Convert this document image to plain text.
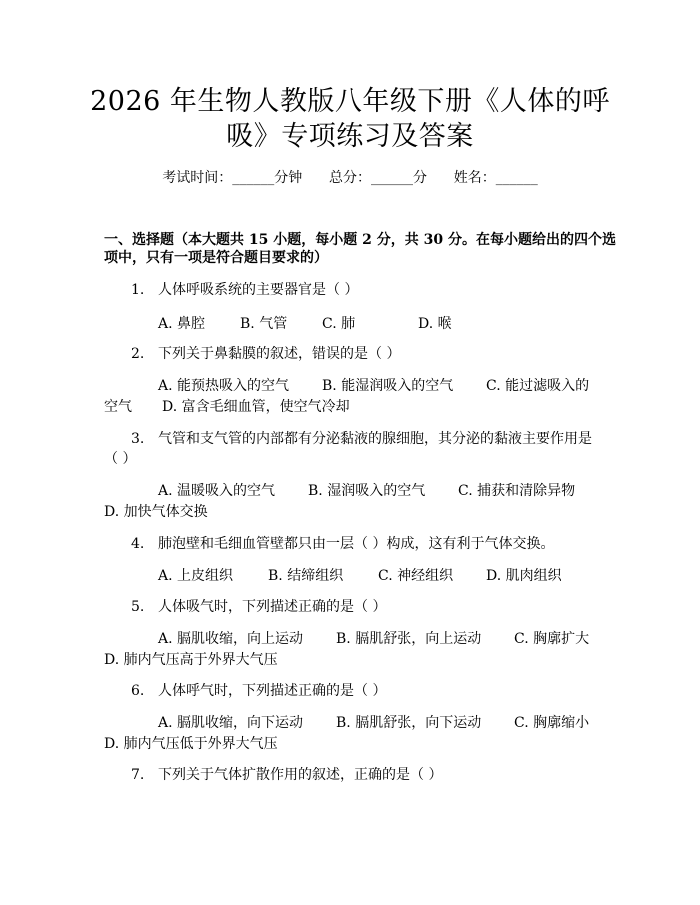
2026 年生物人教版八年级下册《人体的呼
吸》专项练习及答案
考试时间：______分钟      总分：______分      姓名：______
一、选择题（本大题共 15 小题，每小题 2 分，共 30 分。在每小题给出的四个选
项中，只有一项是符合题目要求的）
1. 人体呼吸系统的主要器官是（ ）
A. 鼻腔 B. 气管 C. 肺	D. 喉
2. 下列关于鼻黏膜的叙述，错误的是（ ）
A. 能预热吸入的空气 B. 能湿润吸入的空气 C. 能过滤吸入的
空气 D. 富含毛细血管，使空气冷却
3. 气管和支气管的内部都有分泌黏液的腺细胞，其分泌的黏液主要作用是
（ ）
A. 温暖吸入的空气 B. 湿润吸入的空气 C. 捕获和清除异物
D. 加快气体交换
4. 肺泡壁和毛细血管壁都只由一层（ ）构成，这有利于气体交换。
A. 上皮组织 B. 结缔组织 C. 神经组织 D. 肌肉组织
5. 人体吸气时，下列描述正确的是（ ）
A. 膈肌收缩，向上运动 B. 膈肌舒张，向上运动 C. 胸廓扩大
D. 肺内气压高于外界大气压
6. 人体呼气时，下列描述正确的是（ ）
A. 膈肌收缩，向下运动 B. 膈肌舒张，向下运动 C. 胸廓缩小
D. 肺内气压低于外界大气压
7. 下列关于气体扩散作用的叙述，正确的是（ ）
